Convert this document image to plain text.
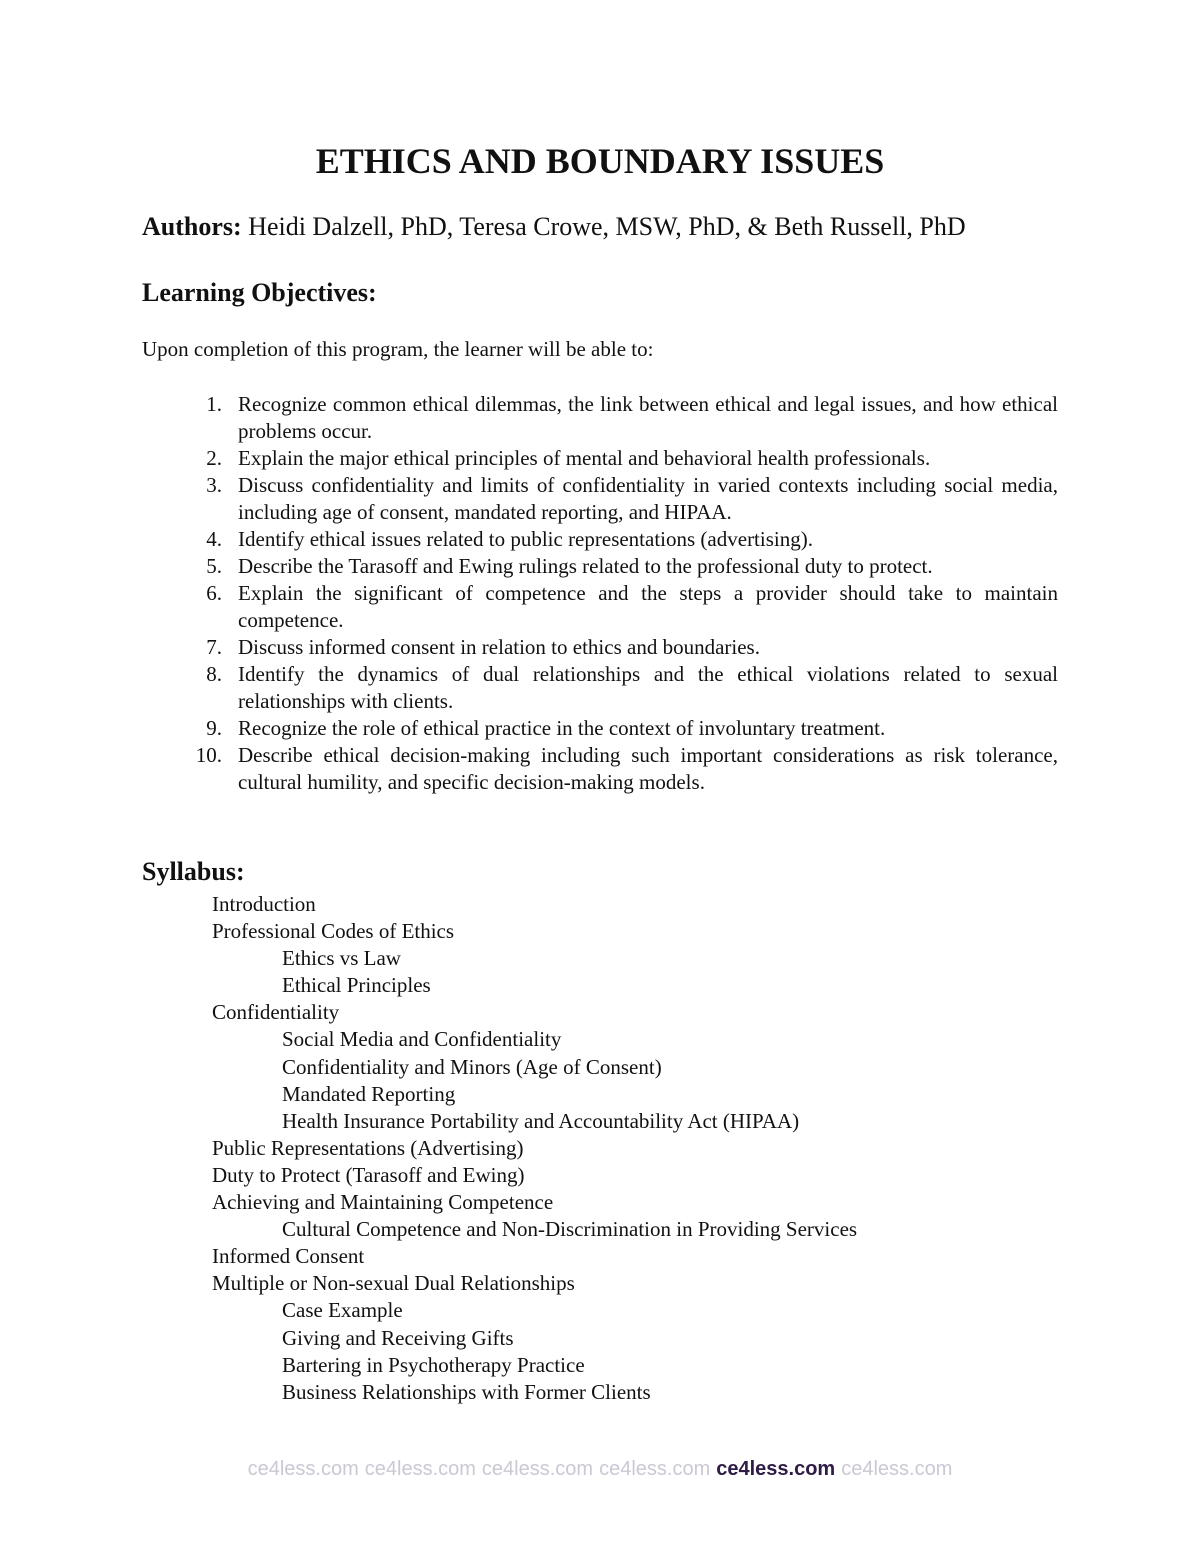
ETHICS AND BOUNDARY ISSUES
Authors: Heidi Dalzell, PhD, Teresa Crowe, MSW, PhD, & Beth Russell, PhD
Learning Objectives:
Upon completion of this program, the learner will be able to:
1. Recognize common ethical dilemmas, the link between ethical and legal issues, and how ethical problems occur.
2. Explain the major ethical principles of mental and behavioral health professionals.
3. Discuss confidentiality and limits of confidentiality in varied contexts including social media, including age of consent, mandated reporting, and HIPAA.
4. Identify ethical issues related to public representations (advertising).
5. Describe the Tarasoff and Ewing rulings related to the professional duty to protect.
6. Explain the significant of competence and the steps a provider should take to maintain competence.
7. Discuss informed consent in relation to ethics and boundaries.
8. Identify the dynamics of dual relationships and the ethical violations related to sexual relationships with clients.
9. Recognize the role of ethical practice in the context of involuntary treatment.
10. Describe ethical decision-making including such important considerations as risk tolerance, cultural humility, and specific decision-making models.
Syllabus:
Introduction
Professional Codes of Ethics
Ethics vs Law
Ethical Principles
Confidentiality
Social Media and Confidentiality
Confidentiality and Minors (Age of Consent)
Mandated Reporting
Health Insurance Portability and Accountability Act (HIPAA)
Public Representations (Advertising)
Duty to Protect (Tarasoff and Ewing)
Achieving and Maintaining Competence
Cultural Competence and Non-Discrimination in Providing Services
Informed Consent
Multiple or Non-sexual Dual Relationships
Case Example
Giving and Receiving Gifts
Bartering in Psychotherapy Practice
Business Relationships with Former Clients
ce4less.com ce4less.com ce4less.com ce4less.com ce4less.com ce4less.com
